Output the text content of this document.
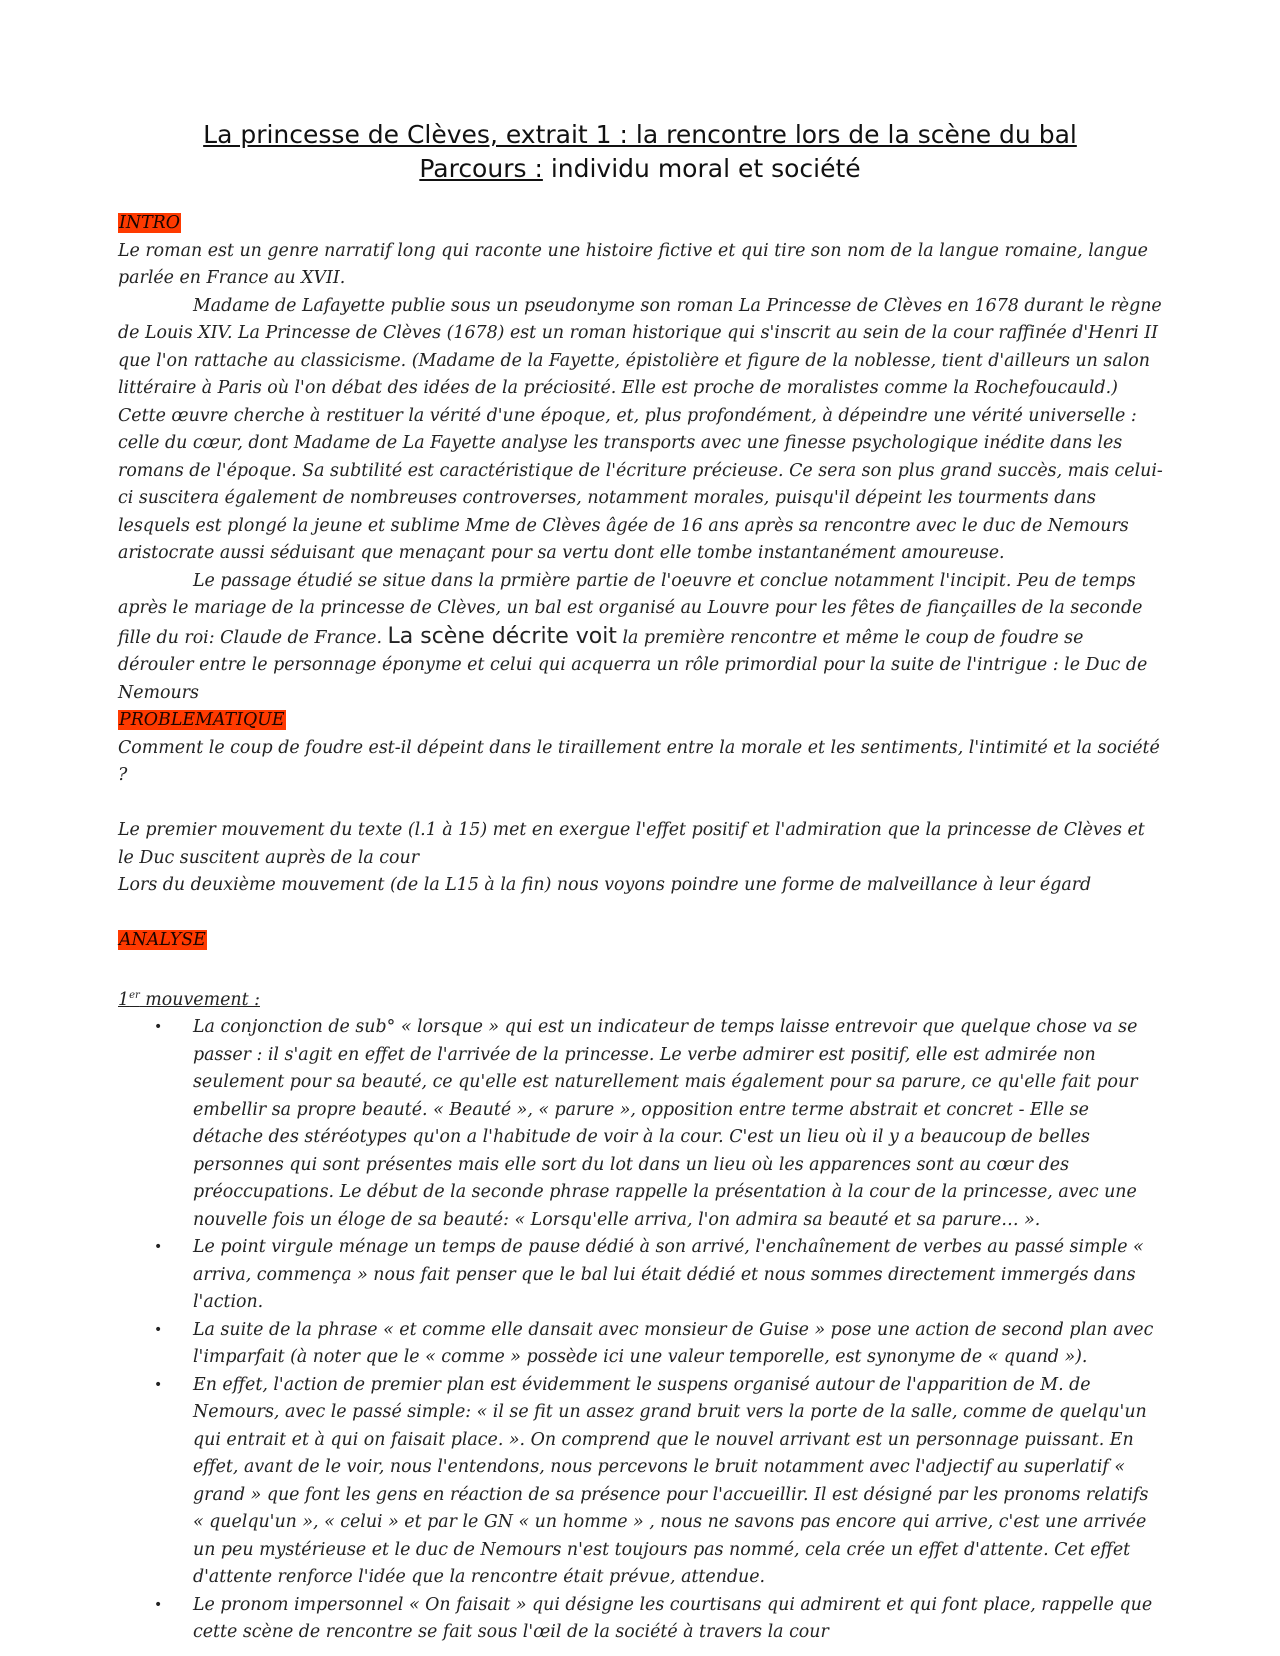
La princesse de Clèves, extrait 1 : la rencontre lors de la scène du bal
Parcours : individu moral et société

INTRO

Le roman est un genre narratif long qui raconte une histoire fictive et qui tire son nom de la langue romaine, langue parlée en France au XVII.

Madame de Lafayette publie sous un pseudonyme son roman La Princesse de Clèves en 1678 durant le règne de Louis XIV. La Princesse de Clèves (1678) est un roman historique qui s'inscrit au sein de la cour raffinée d'Henri II que l'on rattache au classicisme. (Madame de la Fayette, épistolière et figure de la noblesse, tient d'ailleurs un salon littéraire à Paris où l'on débat des idées de la préciosité. Elle est proche de moralistes comme la Rochefoucauld.) Cette œuvre cherche à restituer la vérité d'une époque, et, plus profondément, à dépeindre une vérité universelle : celle du cœur, dont Madame de La Fayette analyse les transports avec une finesse psychologique inédite dans les romans de l'époque. Sa subtilité est caractéristique de l'écriture précieuse. Ce sera son plus grand succès, mais celui-ci suscitera également de nombreuses controverses, notamment morales, puisqu'il dépeint les tourments dans lesquels est plongé la jeune et sublime Mme de Clèves âgée de 16 ans après sa rencontre avec le duc de Nemours aristocrate aussi séduisant que menaçant pour sa vertu dont elle tombe instantanément amoureuse.

Le passage étudié se situe dans la prmière partie de l'oeuvre et conclue notamment l'incipit. Peu de temps après le mariage de la princesse de Clèves, un bal est organisé au Louvre pour les fêtes de fiançailles de la seconde fille du roi: Claude de France. La scène décrite voit la première rencontre et même le coup de foudre se dérouler entre le personnage éponyme et celui qui acquerra un rôle primordial pour la suite de l'intrigue : le Duc de Nemours

PROBLEMATIQUE

Comment le coup de foudre est-il dépeint dans le tiraillement entre la morale et les sentiments, l'intimité et la société ?

Le premier mouvement du texte (l.1 à 15) met en exergue l'effet positif et l'admiration que la princesse de Clèves et le Duc suscitent auprès de la cour

Lors du deuxième mouvement (de la L15 à la fin) nous voyons poindre une forme de malveillance à leur égard

ANALYSE

1er mouvement :

• La conjonction de sub° « lorsque » qui est un indicateur de temps laisse entrevoir que quelque chose va se passer : il s'agit en effet de l'arrivée de la princesse. Le verbe admirer est positif, elle est admirée non seulement pour sa beauté, ce qu'elle est naturellement mais également pour sa parure, ce qu'elle fait pour embellir sa propre beauté. « Beauté », « parure », opposition entre terme abstrait et concret - Elle se détache des stéréotypes qu'on a l'habitude de voir à la cour. C'est un lieu où il y a beaucoup de belles personnes qui sont présentes mais elle sort du lot dans un lieu où les apparences sont au cœur des préoccupations. Le début de la seconde phrase rappelle la présentation à la cour de la princesse, avec une nouvelle fois un éloge de sa beauté: « Lorsqu'elle arriva, l'on admira sa beauté et sa parure… ».
• Le point virgule ménage un temps de pause dédié à son arrivé, l'enchaînement de verbes au passé simple « arriva, commença » nous fait penser que le bal lui était dédié et nous sommes directement immergés dans l'action.
• La suite de la phrase « et comme elle dansait avec monsieur de Guise » pose une action de second plan avec l'imparfait (à noter que le « comme » possède ici une valeur temporelle, est synonyme de « quand »).
• En effet, l'action de premier plan est évidemment le suspens organisé autour de l'apparition de M. de Nemours, avec le passé simple: « il se fit un assez grand bruit vers la porte de la salle, comme de quelqu'un qui entrait et à qui on faisait place. ». On comprend que le nouvel arrivant est un personnage puissant. En effet, avant de le voir, nous l'entendons, nous percevons le bruit notamment avec l'adjectif au superlatif « grand » que font les gens en réaction de sa présence pour l'accueillir. Il est désigné par les pronoms relatifs « quelqu'un », « celui » et par le GN « un homme » , nous ne savons pas encore qui arrive, c'est une arrivée un peu mystérieuse et le duc de Nemours n'est toujours pas nommé, cela crée un effet d'attente. Cet effet d'attente renforce l'idée que la rencontre était prévue, attendue.
• Le pronom impersonnel « On faisait » qui désigne les courtisans qui admirent et qui font place, rappelle que cette scène de rencontre se fait sous l'œil de la société à travers la cour
